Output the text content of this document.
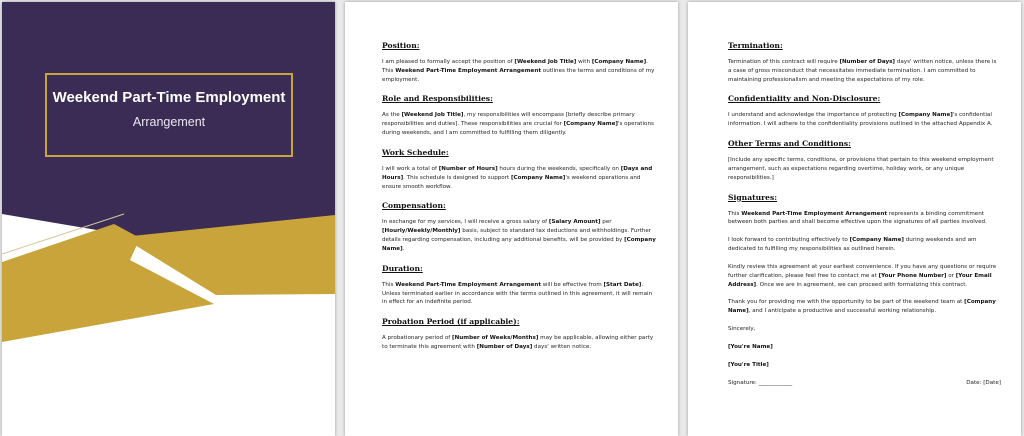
Weekend Part-Time Employment
Arrangement
Position:
I am pleased to formally accept the position of [Weekend Job Title] with [Company Name]. This Weekend Part-Time Employment Arrangement outlines the terms and conditions of my employment.
Role and Responsibilities:
As the [Weekend Job Title], my responsibilities will encompass [briefly describe primary responsibilities and duties]. These responsibilities are crucial for [Company Name]'s operations during weekends, and I am committed to fulfilling them diligently.
Work Schedule:
I will work a total of [Number of Hours] hours during the weekends, specifically on [Days and Hours]. This schedule is designed to support [Company Name]'s weekend operations and ensure smooth workflow.
Compensation:
In exchange for my services, I will receive a gross salary of [Salary Amount] per [Hourly/Weekly/Monthly] basis, subject to standard tax deductions and withholdings. Further details regarding compensation, including any additional benefits, will be provided by [Company Name].
Duration:
This Weekend Part-Time Employment Arrangement will be effective from [Start Date]. Unless terminated earlier in accordance with the terms outlined in this agreement, it will remain in effect for an indefinite period.
Probation Period (if applicable):
A probationary period of [Number of Weeks/Months] may be applicable, allowing either party to terminate this agreement with [Number of Days] days' written notice.
Termination:
Termination of this contract will require [Number of Days] days' written notice, unless there is a case of gross misconduct that necessitates immediate termination. I am committed to maintaining professionalism and meeting the expectations of my role.
Confidentiality and Non-Disclosure:
I understand and acknowledge the importance of protecting [Company Name]'s confidential information. I will adhere to the confidentiality provisions outlined in the attached Appendix A.
Other Terms and Conditions:
[Include any specific terms, conditions, or provisions that pertain to this weekend employment arrangement, such as expectations regarding overtime, holiday work, or any unique responsibilities.]
Signatures:
This Weekend Part-Time Employment Arrangement represents a binding commitment between both parties and shall become effective upon the signatures of all parties involved.
I look forward to contributing effectively to [Company Name] during weekends and am dedicated to fulfilling my responsibilities as outlined herein.
Kindly review this agreement at your earliest convenience. If you have any questions or require further clarification, please feel free to contact me at [Your Phone Number] or [Your Email Address]. Once we are in agreement, we can proceed with formalizing this contract.
Thank you for providing me with the opportunity to be part of the weekend team at [Company Name], and I anticipate a productive and successful working relationship.
Sincerely,
[You're Name]
[You're Title]
Signature: ____________	Date: [Date]
